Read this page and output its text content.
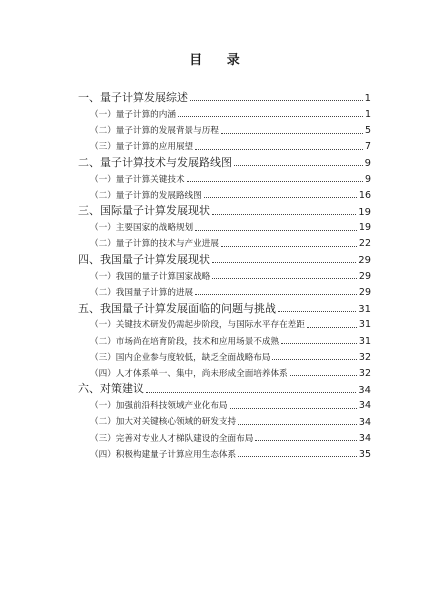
目 录
一、量子计算发展综述	1
（一）量子计算的内涵	1
（二）量子计算的发展背景与历程	5
（三）量子计算的应用展望	7
二、量子计算技术与发展路线图	9
（一）量子计算关键技术	9
（二）量子计算的发展路线图	16
三、国际量子计算发展现状	19
（一）主要国家的战略规划	19
（二）量子计算的技术与产业进展	22
四、我国量子计算发展现状	29
（一）我国的量子计算国家战略	29
（二）我国量子计算的进展	29
五、我国量子计算发展面临的问题与挑战	31
（一）关键技术研发仍需起步阶段，与国际水平存在差距	31
（二）市场尚在培育阶段，技术和应用场景不成熟	31
（三）国内企业参与度较低，缺乏全面战略布局	32
（四）人才体系单一、集中，尚未形成全面培养体系	32
六、对策建议	34
（一）加强前沿科技领域产业化布局	34
（二）加大对关键核心领域的研发支持	34
（三）完善对专业人才梯队建设的全面布局	34
（四）积极构建量子计算应用生态体系	35
